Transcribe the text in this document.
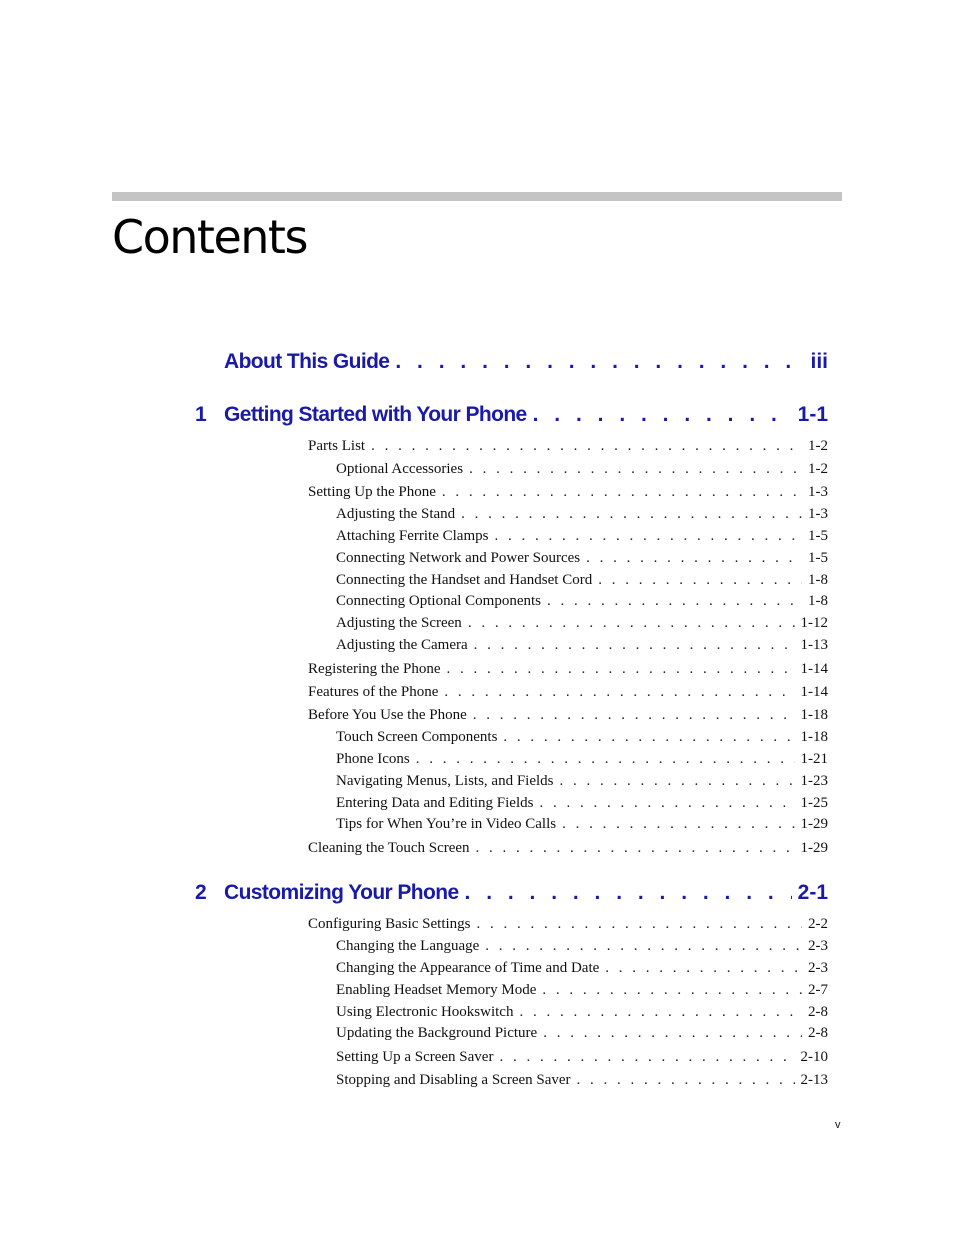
Contents
About This Guide . . .	iii
1 Getting Started with Your Phone . . .	1-1
Parts List . . .	1-2
Optional Accessories . . .	1-2
Setting Up the Phone . . .	1-3
Adjusting the Stand . . .	1-3
Attaching Ferrite Clamps . . .	1-5
Connecting Network and Power Sources . . .	1-5
Connecting the Handset and Handset Cord . . .	1-8
Connecting Optional Components . . .	1-8
Adjusting the Screen . . .	1-12
Adjusting the Camera . . .	1-13
Registering the Phone . . .	1-14
Features of the Phone . . .	1-14
Before You Use the Phone . . .	1-18
Touch Screen Components . . .	1-18
Phone Icons . . .	1-21
Navigating Menus, Lists, and Fields . . .	1-23
Entering Data and Editing Fields . . .	1-25
Tips for When You’re in Video Calls . . .	1-29
Cleaning the Touch Screen . . .	1-29
2 Customizing Your Phone . . .	2-1
Configuring Basic Settings . . .	2-2
Changing the Language . . .	2-3
Changing the Appearance of Time and Date . . .	2-3
Enabling Headset Memory Mode . . .	2-7
Using Electronic Hookswitch . . .	2-8
Updating the Background Picture . . .	2-8
Setting Up a Screen Saver . . .	2-10
Stopping and Disabling a Screen Saver . . .	2-13
v
